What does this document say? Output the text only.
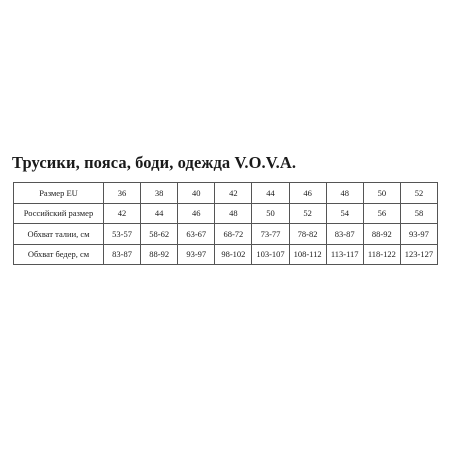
Трусики, пояса, боди, одежда V.O.V.A.
Размер EU	36	38	40	42	44	46	48	50	52
Российский размер	42	44	46	48	50	52	54	56	58
Обхват талии, см	53-57	58-62	63-67	68-72	73-77	78-82	83-87	88-92	93-97
Обхват бедер, см	83-87	88-92	93-97	98-102	103-107	108-112	113-117	118-122	123-127
